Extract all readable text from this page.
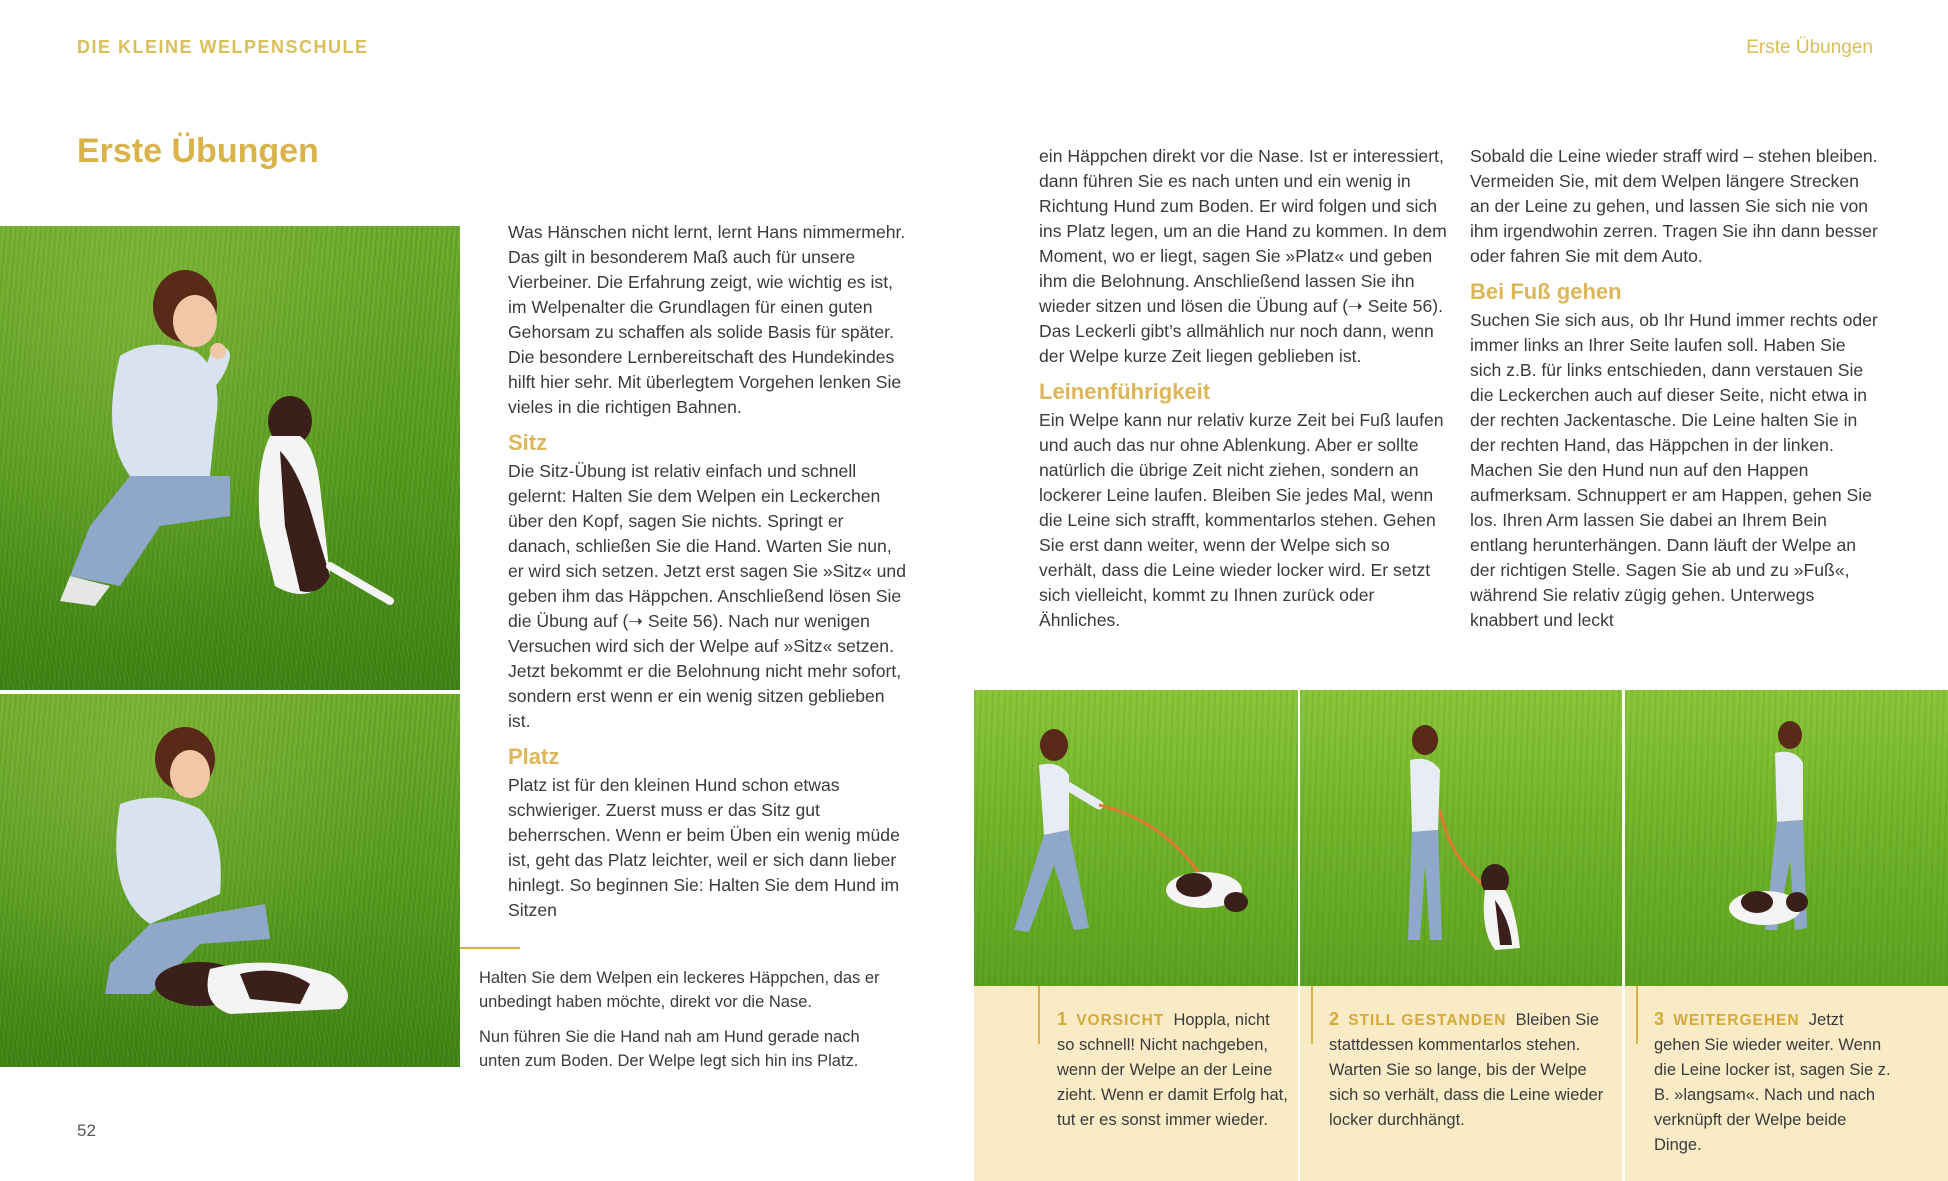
DIE KLEINE WELPENSCHULE	Erste Übungen
Erste Übungen

Was Hänschen nicht lernt, lernt Hans nimmermehr. Das gilt in besonderem Maß auch für unsere Vierbeiner. Die Erfahrung zeigt, wie wichtig es ist, im Welpenalter die Grundlagen für einen guten Gehorsam zu schaffen als solide Basis für später. Die besondere Lernbereitschaft des Hundekindes hilft hier sehr. Mit überlegtem Vorgehen lenken Sie vieles in die richtigen Bahnen.

Sitz

Die Sitz-Übung ist relativ einfach und schnell gelernt: Halten Sie dem Welpen ein Leckerchen über den Kopf, sagen Sie nichts. Springt er danach, schließen Sie die Hand. Warten Sie nun, er wird sich setzen. Jetzt erst sagen Sie »Sitz« und geben ihm das Häppchen. Anschließend lösen Sie die Übung auf (➝ Seite 56). Nach nur wenigen Versuchen wird sich der Welpe auf »Sitz« setzen. Jetzt bekommt er die Belohnung nicht mehr sofort, sondern erst wenn er ein wenig sitzen geblieben ist.

Platz

Platz ist für den kleinen Hund schon etwas schwieriger. Zuerst muss er das Sitz gut beherrschen. Wenn er beim Üben ein wenig müde ist, geht das Platz leichter, weil er sich dann lieber hinlegt. So beginnen Sie: Halten Sie dem Hund im Sitzen

Halten Sie dem Welpen ein leckeres Häppchen, das er unbedingt haben möchte, direkt vor die Nase.

Nun führen Sie die Hand nah am Hund gerade nach unten zum Boden. Der Welpe legt sich hin ins Platz.

52

ein Häppchen direkt vor die Nase. Ist er interessiert, dann führen Sie es nach unten und ein wenig in Richtung Hund zum Boden. Er wird folgen und sich ins Platz legen, um an die Hand zu kommen. In dem Moment, wo er liegt, sagen Sie »Platz« und geben ihm die Belohnung. Anschließend lassen Sie ihn wieder sitzen und lösen die Übung auf (➝ Seite 56). Das Leckerli gibt’s allmählich nur noch dann, wenn der Welpe kurze Zeit liegen geblieben ist.

Leinenführigkeit

Ein Welpe kann nur relativ kurze Zeit bei Fuß laufen und auch das nur ohne Ablenkung. Aber er sollte natürlich die übrige Zeit nicht ziehen, sondern an lockerer Leine laufen. Bleiben Sie jedes Mal, wenn die Leine sich strafft, kommentarlos stehen. Gehen Sie erst dann weiter, wenn der Welpe sich so verhält, dass die Leine wieder locker wird. Er setzt sich vielleicht, kommt zu Ihnen zurück oder Ähnliches.

Sobald die Leine wieder straff wird – stehen bleiben. Vermeiden Sie, mit dem Welpen längere Strecken an der Leine zu gehen, und lassen Sie sich nie von ihm irgendwohin zerren. Tragen Sie ihn dann besser oder fahren Sie mit dem Auto.

Bei Fuß gehen

Suchen Sie sich aus, ob Ihr Hund immer rechts oder immer links an Ihrer Seite laufen soll. Haben Sie sich z.B. für links entschieden, dann verstauen Sie die Leckerchen auch auf dieser Seite, nicht etwa in der rechten Jackentasche. Die Leine halten Sie in der rechten Hand, das Häppchen in der linken. Machen Sie den Hund nun auf den Happen aufmerksam. Schnuppert er am Happen, gehen Sie los. Ihren Arm lassen Sie dabei an Ihrem Bein entlang herunterhängen. Dann läuft der Welpe an der richtigen Stelle. Sagen Sie ab und zu »Fuß«, während Sie relativ zügig gehen. Unterwegs knabbert und leckt

1 VORSICHT Hoppla, nicht so schnell! Nicht nachgeben, wenn der Welpe an der Leine zieht. Wenn er damit Erfolg hat, tut er es sonst immer wieder.
2 STILL GESTANDEN Bleiben Sie stattdessen kommentarlos stehen. Warten Sie so lange, bis der Welpe sich so verhält, dass die Leine wieder locker durchhängt.
3 WEITERGEHEN Jetzt gehen Sie wieder weiter. Wenn die Leine locker ist, sagen Sie z. B. »langsam«. Nach und nach verknüpft der Welpe beide Dinge.
